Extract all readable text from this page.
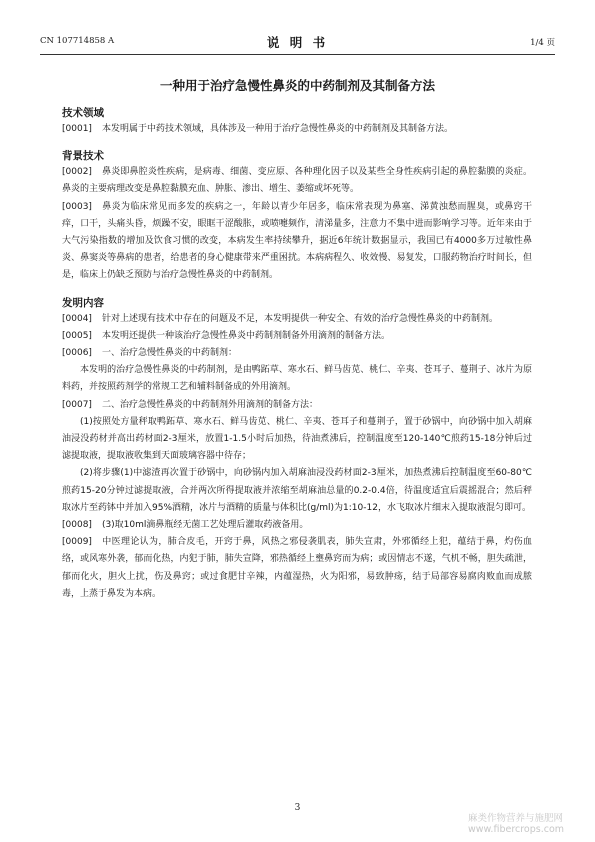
CN 107714858 A	说 明 书	1/4 页
一种用于治疗急慢性鼻炎的中药制剂及其制备方法

技术领域

[0001] 本发明属于中药技术领域，具体涉及一种用于治疗急慢性鼻炎的中药制剂及其制备方法。

背景技术

[0002] 鼻炎即鼻腔炎性疾病，是病毒、细菌、变应原、各种理化因子以及某些全身性疾病引起的鼻腔黏膜的炎症。鼻炎的主要病理改变是鼻腔黏膜充血、肿胀、渗出、增生、萎缩或坏死等。

[0003] 鼻炎为临床常见而多发的疾病之一，年龄以青少年居多，临床常表现为鼻塞、涕黄浊愁而腥臭，或鼻窍干痒，口干，头痛头昏，烦躁不安，眼眶干涩酸胀，或喷嚏频作，清涕量多，注意力不集中进而影响学习等。近年来由于大气污染指数的增加及饮食习惯的改变，本病发生率持续攀升，据近6年统计数据显示，我国已有4000多万过敏性鼻炎、鼻窦炎等鼻病的患者，给患者的身心健康带来严重困扰。本病病程久、收效慢、易复发，口服药物治疗时间长，但是，临床上仍缺乏预防与治疗急慢性鼻炎的中药制剂。

发明内容

[0004] 针对上述现有技术中存在的问题及不足，本发明提供一种安全、有效的治疗急慢性鼻炎的中药制剂。

[0005] 本发明还提供一种该治疗急慢性鼻炎中药制剂制备外用滴剂的制备方法。

[0006] 一、治疗急慢性鼻炎的中药制剂：

本发明的治疗急慢性鼻炎的中药制剂，是由鸭跖草、寒水石、鲜马齿苋、桃仁、辛夷、苍耳子、蔓荆子、冰片为原料药，并按照药剂学的常规工艺和辅料制备成的外用滴剂。

[0007] 二、治疗急慢性鼻炎的中药制剂外用滴剂的制备方法：

(1)按照处方量秤取鸭跖草、寒水石、鲜马齿苋、桃仁、辛夷、苍耳子和蔓荆子，置于砂锅中，向砂锅中加入胡麻油浸没药材并高出药材面2-3厘米，放置1-1.5小时后加热，待油煮沸后，控制温度至120-140℃煎药15-18分钟后过滤提取液，提取液收集到天面玻璃容器中待存；

(2)将步骤(1)中滤渣再次置于砂锅中，向砂锅内加入胡麻油浸没药材面2-3厘米，加热煮沸后控制温度至60-80℃煎药15-20分钟过滤提取液，合并两次所得提取液并浓缩至胡麻油总量的0.2-0.4倍，待温度适宜后震摇混合；然后秤取冰片至药钵中并加入95%酒精，冰片与酒精的质量与体积比(g/ml)为1:10-12，水飞取冰片细末入提取液混匀即可。

[0008] (3)取10ml滴鼻瓶经无菌工艺处理后灌取药液备用。

[0009] 中医理论认为，肺合皮毛，开窍于鼻，风热之邪侵袭肌表，肺失宣肃，外邪循经上犯，蕴结于鼻，灼伤血络，或风寒外袭，郁而化热，内犯于肺，肺失宣降，邪热循经上壅鼻窍而为病；或因情志不遂，气机不畅，胆失疏泄，郁而化火，胆火上扰，伤及鼻窍；或过食肥甘辛辣，内蕴湿热，火为阳邪，易致肿疡，结于局部容易腐肉败血而成脓毒，上蒸于鼻发为本病。

3
麻类作物营养与施肥网
www.fibercrops.com
